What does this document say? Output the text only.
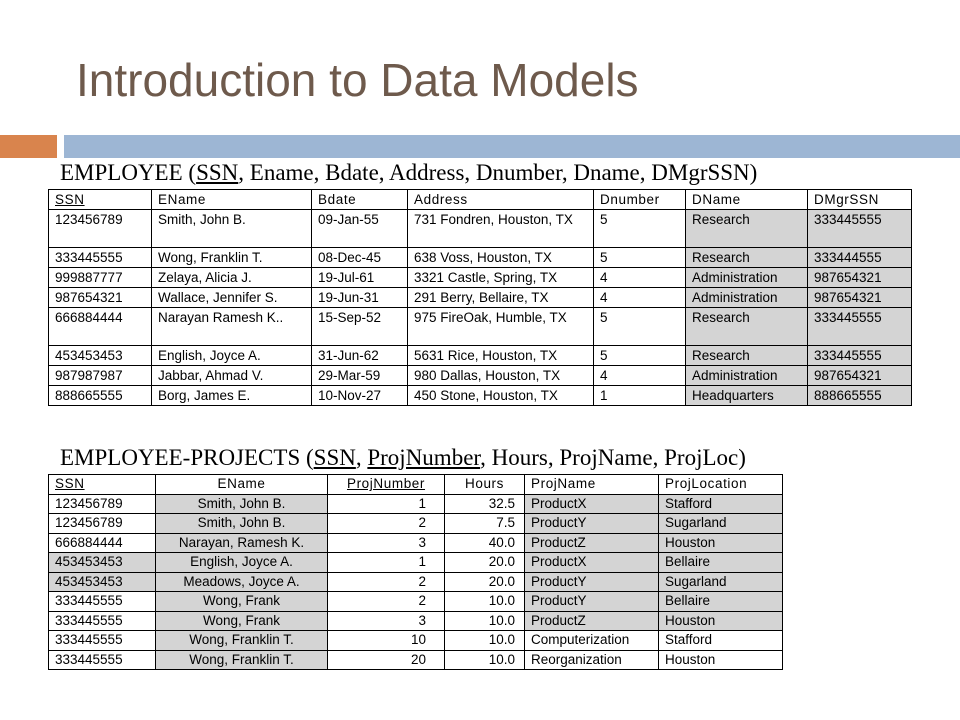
Introduction to Data Models

EMPLOYEE (SSN, Ename, Bdate, Address, Dnumber, Dname, DMgrSSN)

SSN	EName	Bdate	Address	Dnumber	DName	DMgrSSN
123456789	Smith, John B.	09-Jan-55	731 Fondren, Houston, TX	5	Research	333445555
333445555	Wong, Franklin T.	08-Dec-45	638 Voss, Houston, TX	5	Research	333444555
999887777	Zelaya, Alicia J.	19-Jul-61	3321 Castle, Spring, TX	4	Administration	987654321
987654321	Wallace, Jennifer S.	19-Jun-31	291 Berry, Bellaire, TX	4	Administration	987654321
666884444	Narayan Ramesh K..	15-Sep-52	975 FireOak, Humble, TX	5	Research	333445555
453453453	English, Joyce A.	31-Jun-62	5631 Rice, Houston, TX	5	Research	333445555
987987987	Jabbar, Ahmad V.	29-Mar-59	980 Dallas, Houston, TX	4	Administration	987654321
888665555	Borg, James E.	10-Nov-27	450 Stone, Houston, TX	1	Headquarters	888665555

EMPLOYEE-PROJECTS (SSN, ProjNumber, Hours, ProjName, ProjLoc)

SSN	EName	ProjNumber	Hours	ProjName	ProjLocation
123456789	Smith, John B.	1	32.5	ProductX	Stafford
123456789	Smith, John B.	2	7.5	ProductY	Sugarland
666884444	Narayan, Ramesh K.	3	40.0	ProductZ	Houston
453453453	English, Joyce A.	1	20.0	ProductX	Bellaire
453453453	Meadows, Joyce A.	2	20.0	ProductY	Sugarland
333445555	Wong, Frank	2	10.0	ProductY	Bellaire
333445555	Wong, Frank	3	10.0	ProductZ	Houston
333445555	Wong, Franklin T.	10	10.0	Computerization	Stafford
333445555	Wong, Franklin T.	20	10.0	Reorganization	Houston
